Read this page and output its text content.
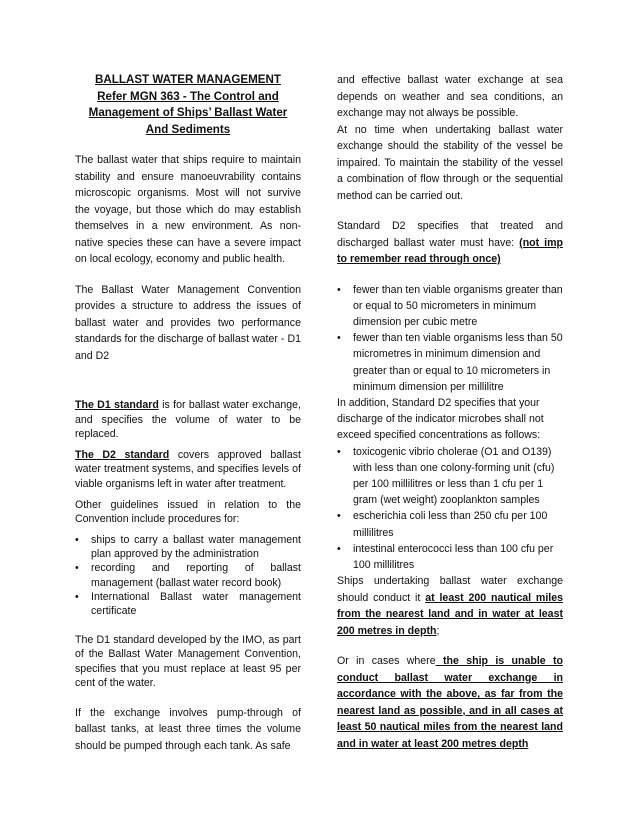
BALLAST WATER MANAGEMENT
Refer MGN 363 - The Control and
Management of Ships’ Ballast Water
And Sediments

The ballast water that ships require to maintain stability and ensure manoeuvrability contains microscopic organisms. Most will not survive the voyage, but those which do may establish themselves in a new environment. As non-native species these can have a severe impact on local ecology, economy and public health.

The Ballast Water Management Convention provides a structure to address the issues of ballast water and provides two performance standards for the discharge of ballast water - D1 and D2

The D1 standard is for ballast water exchange, and specifies the volume of water to be replaced.

The D2 standard covers approved ballast water treatment systems, and specifies levels of viable organisms left in water after treatment.

Other guidelines issued in relation to the Convention include procedures for:

• ships to carry a ballast water management plan approved by the administration
• recording and reporting of ballast management (ballast water record book)
• International Ballast water management certificate

The D1 standard developed by the IMO, as part of the Ballast Water Management Convention, specifies that you must replace at least 95 per cent of the water.

If the exchange involves pump-through of ballast tanks, at least three times the volume should be pumped through each tank. As safe

and effective ballast water exchange at sea depends on weather and sea conditions, an exchange may not always be possible.

At no time when undertaking ballast water exchange should the stability of the vessel be impaired. To maintain the stability of the vessel a combination of flow through or the sequential method can be carried out.

Standard D2 specifies that treated and discharged ballast water must have: (not imp to remember read through once)

• fewer than ten viable organisms greater than or equal to 50 micrometers in minimum dimension per cubic metre
• fewer than ten viable organisms less than 50 micrometres in minimum dimension and greater than or equal to 10 micrometers in minimum dimension per millilitre

In addition, Standard D2 specifies that your discharge of the indicator microbes shall not exceed specified concentrations as follows:

• toxicogenic vibrio cholerae (O1 and O139) with less than one colony-forming unit (cfu) per 100 millilitres or less than 1 cfu per 1 gram (wet weight) zooplankton samples
• escherichia coli less than 250 cfu per 100 millilitres
• intestinal enterococci less than 100 cfu per 100 millilitres

Ships undertaking ballast water exchange should conduct it at least 200 nautical miles from the nearest land and in water at least 200 metres in depth;

Or in cases where the ship is unable to conduct ballast water exchange in accordance with the above, as far from the nearest land as possible, and in all cases at least 50 nautical miles from the nearest land and in water at least 200 metres depth
